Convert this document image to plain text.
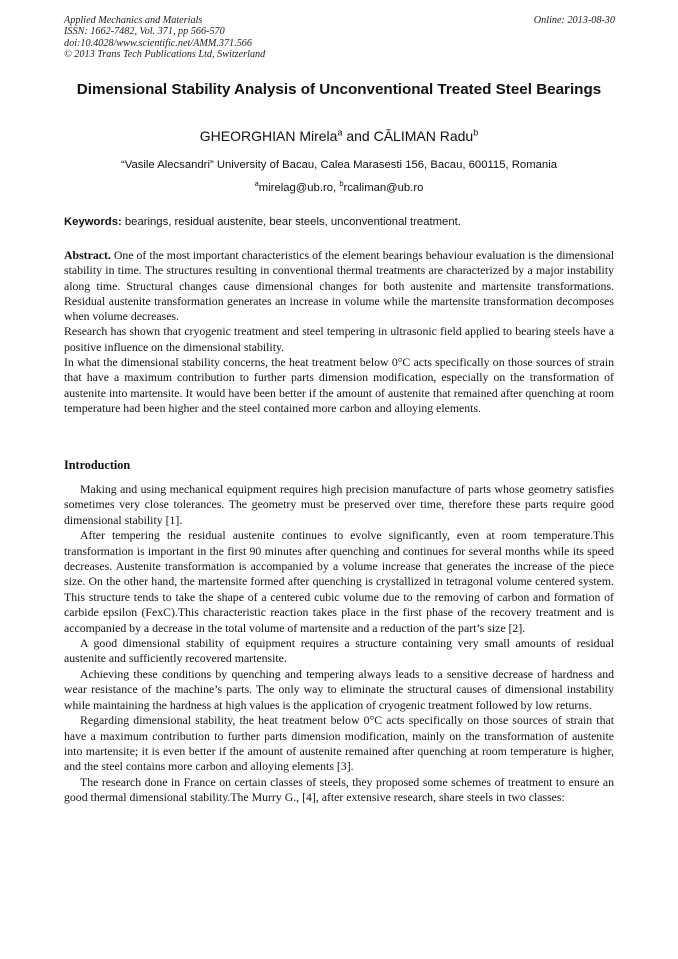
Applied Mechanics and Materials
ISSN: 1662-7482, Vol. 371, pp 566-570
doi:10.4028/www.scientific.net/AMM.371.566
© 2013 Trans Tech Publications Ltd, Switzerland
Online: 2013-08-30
Dimensional Stability Analysis of Unconventional Treated Steel Bearings
GHEORGHIAN Mirela$^a$ and CĂLIMAN Radu$^b$
“Vasile Alecsandri” University of Bacau, Calea Marasesti 156, Bacau, 600115, Romania
$^a$mirelag@ub.ro, $^b$rcaliman@ub.ro
Keywords: bearings, residual austenite, bear steels, unconventional treatment.

Abstract. One of the most important characteristics of the element bearings behaviour evaluation is the dimensional stability in time. The structures resulting in conventional thermal treatments are characterized by a major instability along time. Structural changes cause dimensional changes for both austenite and martensite transformations. Residual austenite transformation generates an increase in volume while the martensite transformation decomposes when volume decreases.

Research has shown that cryogenic treatment and steel tempering in ultrasonic field applied to bearing steels have a positive influence on the dimensional stability.

In what the dimensional stability concerns, the heat treatment below 0°C acts specifically on those sources of strain that have a maximum contribution to further parts dimension modification, especially on the transformation of austenite into martensite. It would have been better if the amount of austenite that remained after quenching at room temperature had been higher and the steel contained more carbon and alloying elements.

Introduction

Making and using mechanical equipment requires high precision manufacture of parts whose geometry satisfies sometimes very close tolerances. The geometry must be preserved over time, therefore these parts require good dimensional stability [1].

After tempering the residual austenite continues to evolve significantly, even at room temperature.This transformation is important in the first 90 minutes after quenching and continues for several months while its speed decreases. Austenite transformation is accompanied by a volume increase that generates the increase of the piece size. On the other hand, the martensite formed after quenching is crystallized in tetragonal volume centered system. This structure tends to take the shape of a centered cubic volume due to the removing of carbon and formation of carbide epsilon (FexC).This characteristic reaction takes place in the first phase of the recovery treatment and is accompanied by a decrease in the total volume of martensite and a reduction of the part’s size [2].

A good dimensional stability of equipment requires a structure containing very small amounts of residual austenite and sufficiently recovered martensite.

Achieving these conditions by quenching and tempering always leads to a sensitive decrease of hardness and wear resistance of the machine’s parts. The only way to eliminate the structural causes of dimensional instability while maintaining the hardness at high values is the application of cryogenic treatment followed by low returns.

Regarding dimensional stability, the heat treatment below 0°C acts specifically on those sources of strain that have a maximum contribution to further parts dimension modification, mainly on the transformation of austenite into martensite; it is even better if the amount of austenite remained after quenching at room temperature is higher, and the steel contains more carbon and alloying elements [3].

The research done in France on certain classes of steels, they proposed some schemes of treatment to ensure an good thermal dimensional stability.The Murry G., [4], after extensive research, share steels in two classes:
